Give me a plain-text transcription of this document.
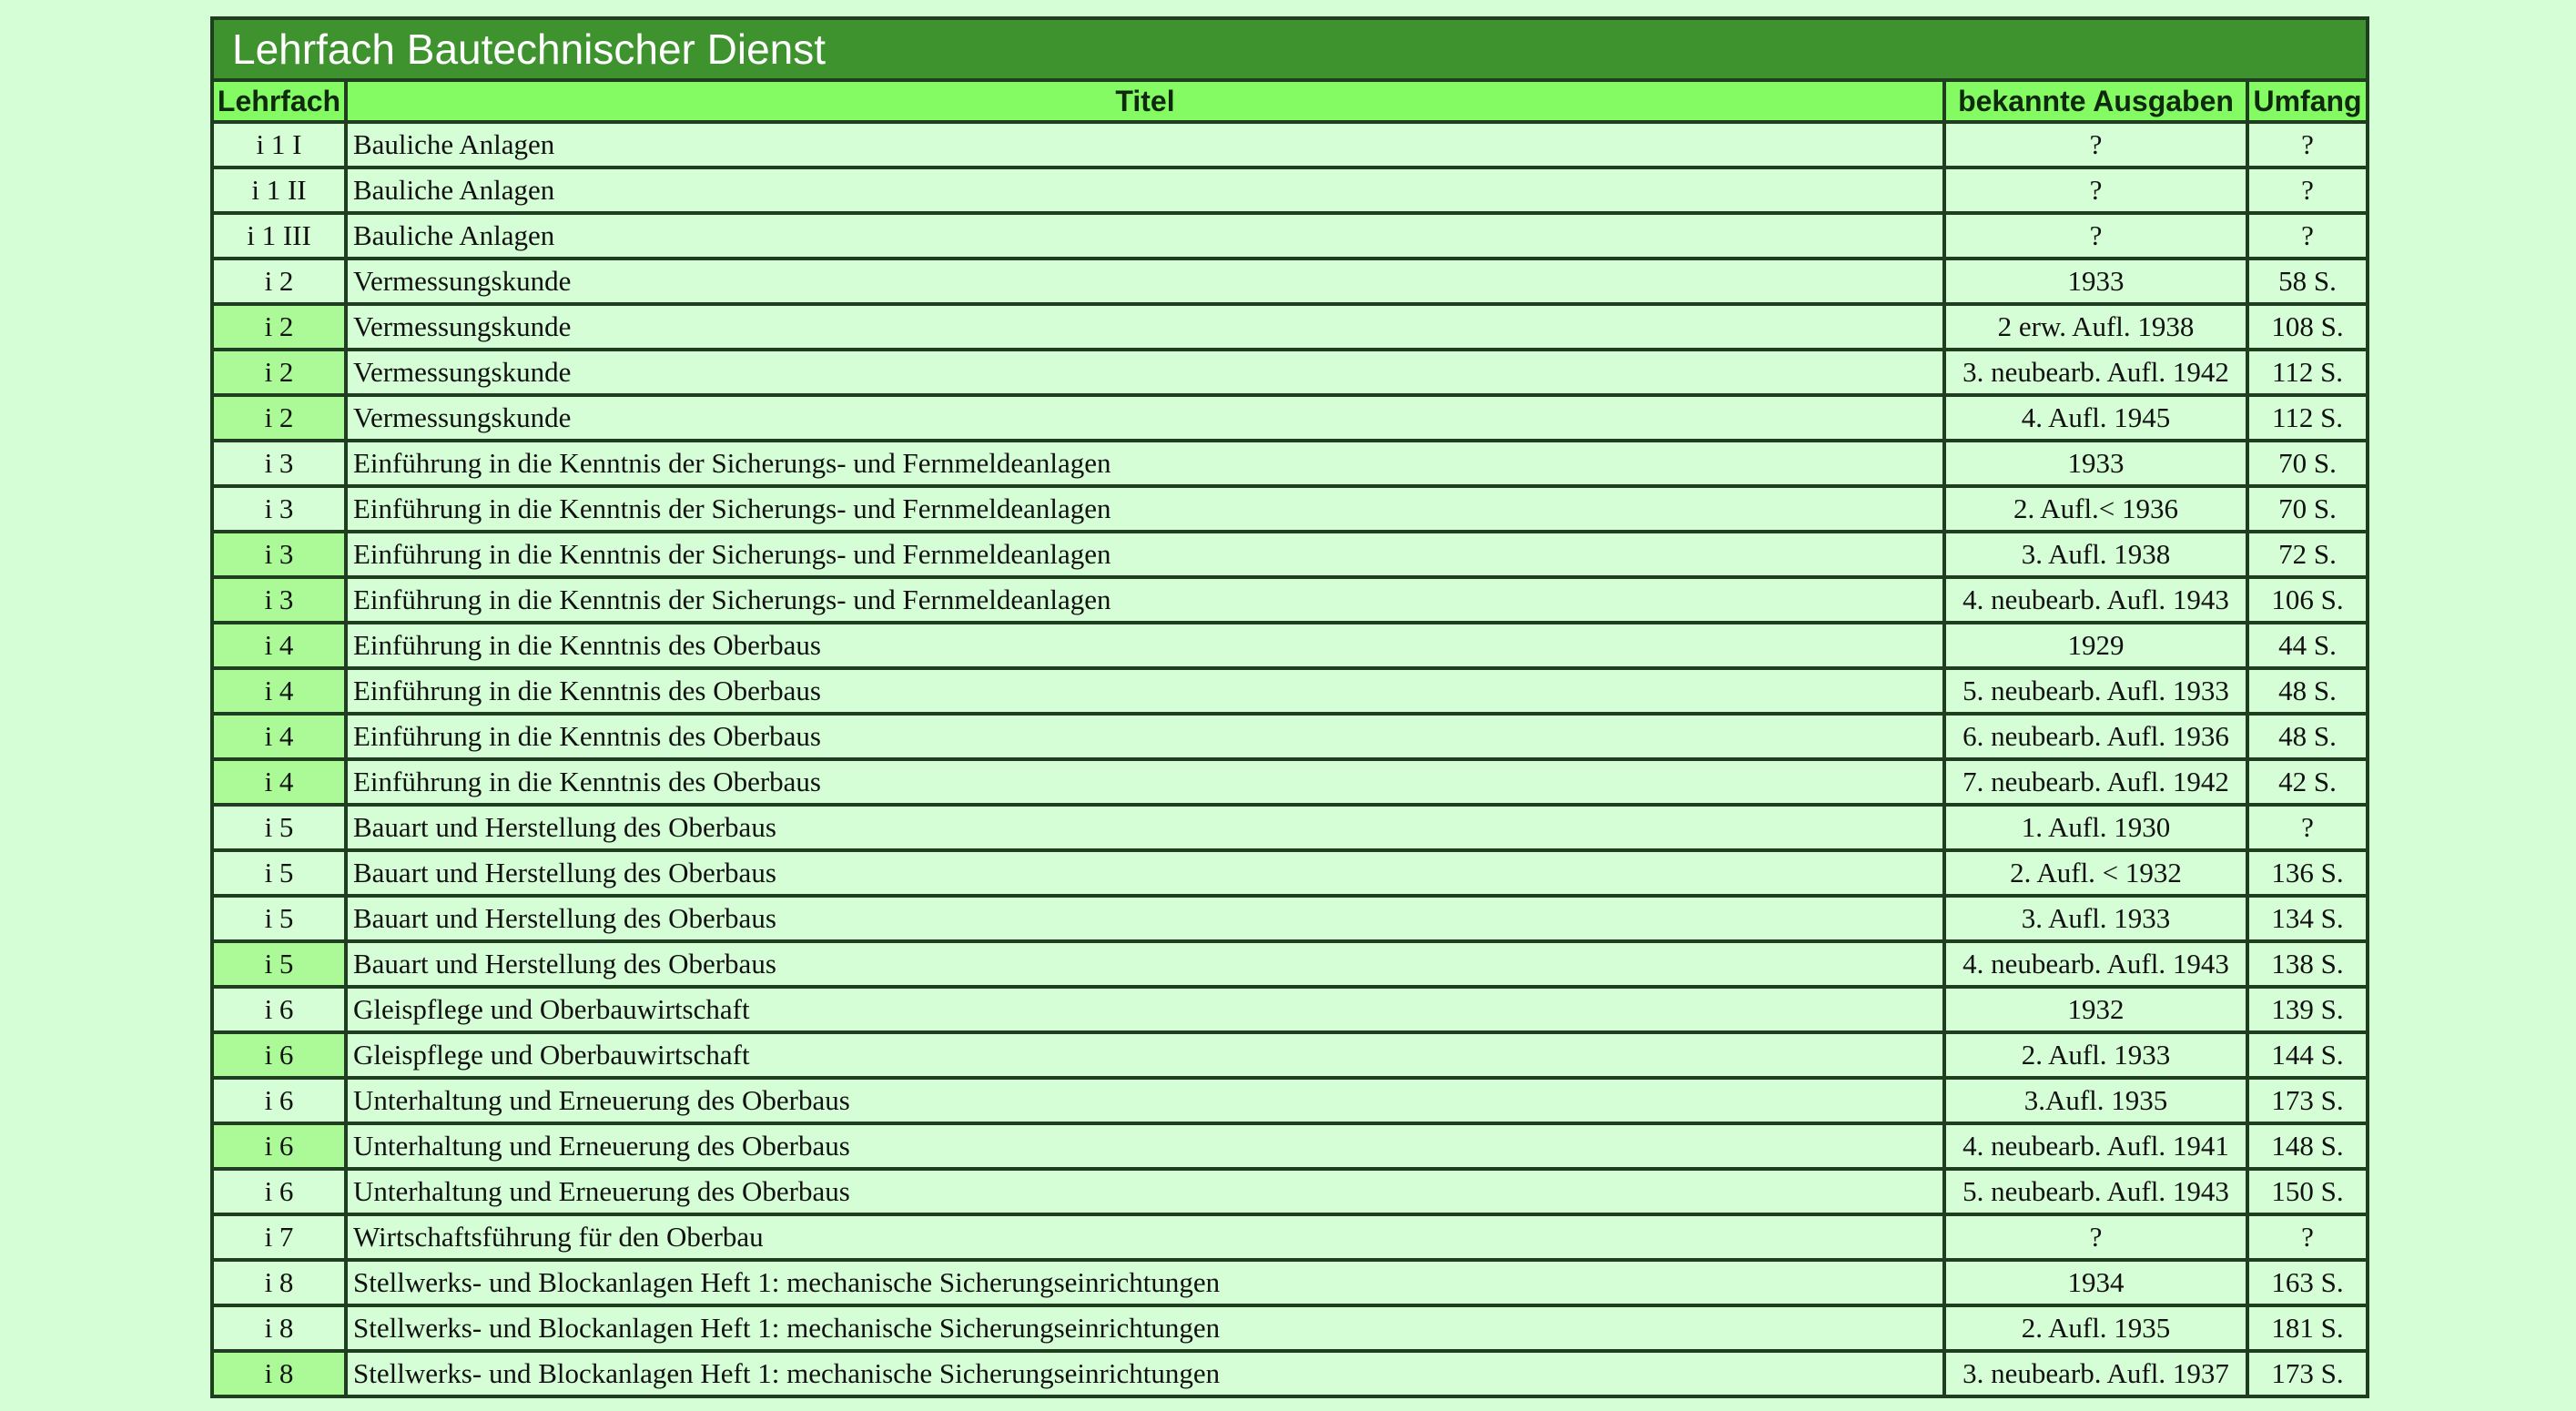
Lehrfach Bautechnischer Dienst			
Lehrfach	Titel	bekannte Ausgaben	Umfang
i 1 I	Bauliche Anlagen	?	?
i 1 II	Bauliche Anlagen	?	?
i 1 III	Bauliche Anlagen	?	?
i 2	Vermessungskunde	1933	58 S.
i 2	Vermessungskunde	2 erw. Aufl. 1938	108 S.
i 2	Vermessungskunde	3. neubearb. Aufl. 1942	112 S.
i 2	Vermessungskunde	4. Aufl. 1945	112 S.
i 3	Einführung in die Kenntnis der Sicherungs- und Fernmeldeanlagen	1933	70 S.
i 3	Einführung in die Kenntnis der Sicherungs- und Fernmeldeanlagen	2. Aufl.< 1936	70 S.
i 3	Einführung in die Kenntnis der Sicherungs- und Fernmeldeanlagen	3. Aufl. 1938	72 S.
i 3	Einführung in die Kenntnis der Sicherungs- und Fernmeldeanlagen	4. neubearb. Aufl. 1943	106 S.
i 4	Einführung in die Kenntnis des Oberbaus	1929	44 S.
i 4	Einführung in die Kenntnis des Oberbaus	5. neubearb. Aufl. 1933	48 S.
i 4	Einführung in die Kenntnis des Oberbaus	6. neubearb. Aufl. 1936	48 S.
i 4	Einführung in die Kenntnis des Oberbaus	7. neubearb. Aufl. 1942	42 S.
i 5	Bauart und Herstellung des Oberbaus	1. Aufl. 1930	?
i 5	Bauart und Herstellung des Oberbaus	2. Aufl. < 1932	136 S.
i 5	Bauart und Herstellung des Oberbaus	3. Aufl. 1933	134 S.
i 5	Bauart und Herstellung des Oberbaus	4. neubearb. Aufl. 1943	138 S.
i 6	Gleispflege und Oberbauwirtschaft	1932	139 S.
i 6	Gleispflege und Oberbauwirtschaft	2. Aufl. 1933	144 S.
i 6	Unterhaltung und Erneuerung des Oberbaus	3.Aufl. 1935	173 S.
i 6	Unterhaltung und Erneuerung des Oberbaus	4. neubearb. Aufl. 1941	148 S.
i 6	Unterhaltung und Erneuerung des Oberbaus	5. neubearb. Aufl. 1943	150 S.
i 7	Wirtschaftsführung für den Oberbau	?	?
i 8	Stellwerks- und Blockanlagen Heft 1: mechanische Sicherungseinrichtungen	1934	163 S.
i 8	Stellwerks- und Blockanlagen Heft 1: mechanische Sicherungseinrichtungen	2. Aufl. 1935	181 S.
i 8	Stellwerks- und Blockanlagen Heft 1: mechanische Sicherungseinrichtungen	3. neubearb. Aufl. 1937	173 S.
